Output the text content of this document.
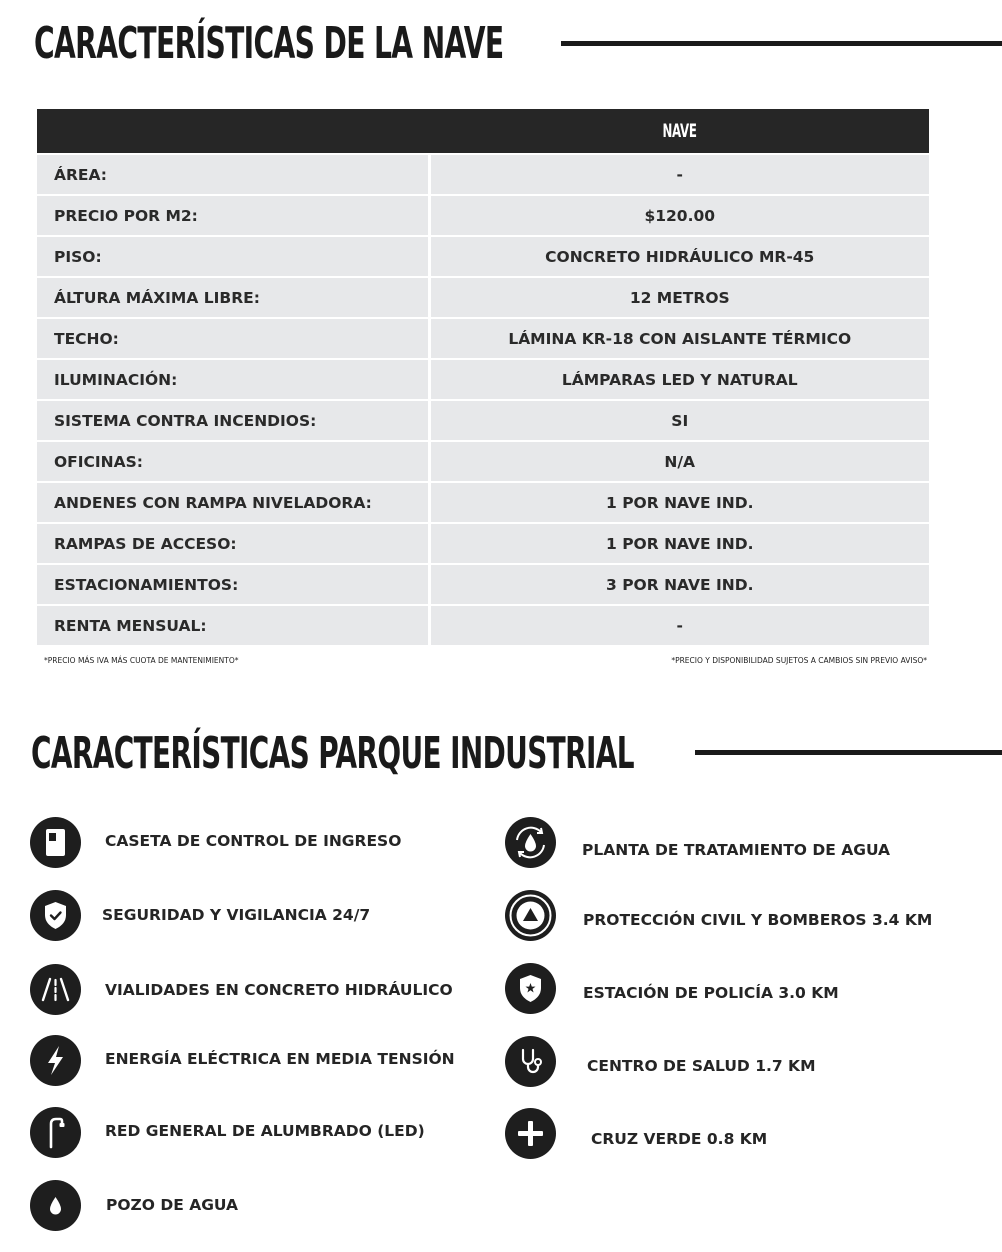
CARACTERÍSTICAS DE LA NAVE
	NAVE
ÁREA:	-
PRECIO POR M2:	$120.00
PISO:	CONCRETO HIDRÁULICO MR-45
ÁLTURA MÁXIMA LIBRE:	12 METROS
TECHO:	LÁMINA KR-18 CON AISLANTE TÉRMICO
ILUMINACIÓN:	LÁMPARAS LED Y NATURAL
SISTEMA CONTRA INCENDIOS:	SI
OFICINAS:	N/A
ANDENES CON RAMPA NIVELADORA:	1 POR NAVE IND.
RAMPAS DE ACCESO:	1 POR NAVE IND.
ESTACIONAMIENTOS:	3 POR NAVE IND.
RENTA MENSUAL:	-
*PRECIO MÁS IVA MÁS CUOTA DE MANTENIMIENTO*	*PRECIO Y DISPONIBILIDAD SUJETOS A CAMBIOS SIN PREVIO AVISO*
CARACTERÍSTICAS PARQUE INDUSTRIAL
CASETA DE CONTROL DE INGRESO
SEGURIDAD Y VIGILANCIA 24/7
VIALIDADES EN CONCRETO HIDRÁULICO
ENERGÍA ELÉCTRICA EN MEDIA TENSIÓN
RED GENERAL DE ALUMBRADO (LED)
POZO DE AGUA
PLANTA DE TRATAMIENTO DE AGUA
PROTECCIÓN CIVIL Y BOMBEROS 3.4 KM
ESTACIÓN DE POLICÍA 3.0 KM
CENTRO DE SALUD 1.7 KM
CRUZ VERDE 0.8 KM
